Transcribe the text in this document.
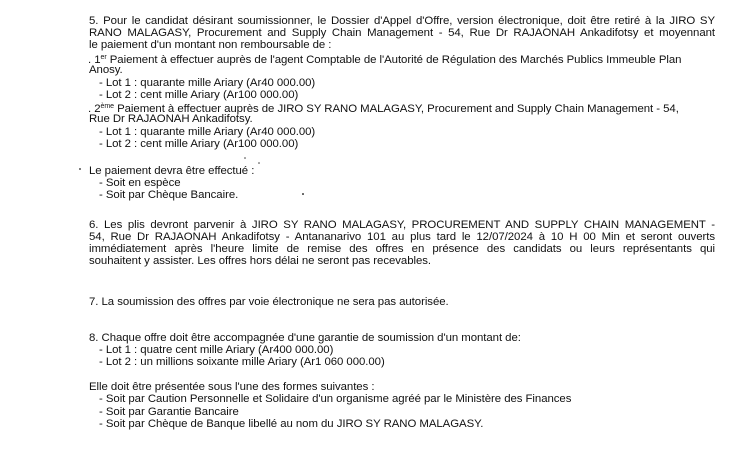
5. Pour le candidat désirant soumissionner, le Dossier d'Appel d'Offre, version électronique, doit être retiré à la JIRO SY
RANO MALAGASY, Procurement and Supply Chain Management - 54, Rue Dr RAJAONAH Ankadifotsy et moyennant
le paiement d'un montant non remboursable de :
. 1er Paiement à effectuer auprès de l'agent Comptable de l'Autorité de Régulation des Marchés Publics Immeuble Plan
Anosy.
- Lot 1 : quarante mille Ariary (Ar40 000.00)
- Lot 2 : cent mille Ariary (Ar100 000.00)
. 2ème Paiement à effectuer auprès de JIRO SY RANO MALAGASY, Procurement and Supply Chain Management - 54,
Rue Dr RAJAONAH Ankadifotsy.
- Lot 1 : quarante mille Ariary (Ar40 000.00)
- Lot 2 : cent mille Ariary (Ar100 000.00)
Le paiement devra être effectué :
- Soit en espèce
- Soit par Chèque Bancaire.
6. Les plis devront parvenir à JIRO SY RANO MALAGASY, PROCUREMENT AND SUPPLY CHAIN MANAGEMENT -
54, Rue Dr RAJAONAH Ankadifotsy - Antananarivo 101 au plus tard le 12/07/2024 à 10 H 00 Min et seront ouverts
immédiatement après l'heure limite de remise des offres en présence des candidats ou leurs représentants qui
souhaitent y assister. Les offres hors délai ne seront pas recevables.
7. La soumission des offres par voie électronique ne sera pas autorisée.
8. Chaque offre doit être accompagnée d'une garantie de soumission d'un montant de:
- Lot 1 : quatre cent mille Ariary (Ar400 000.00)
- Lot 2 : un millions soixante mille Ariary (Ar1 060 000.00)
Elle doit être présentée sous l'une des formes suivantes :
- Soit par Caution Personnelle et Solidaire d'un organisme agréé par le Ministère des Finances
- Soit par Garantie Bancaire
- Soit par Chèque de Banque libellé au nom du JIRO SY RANO MALAGASY.
